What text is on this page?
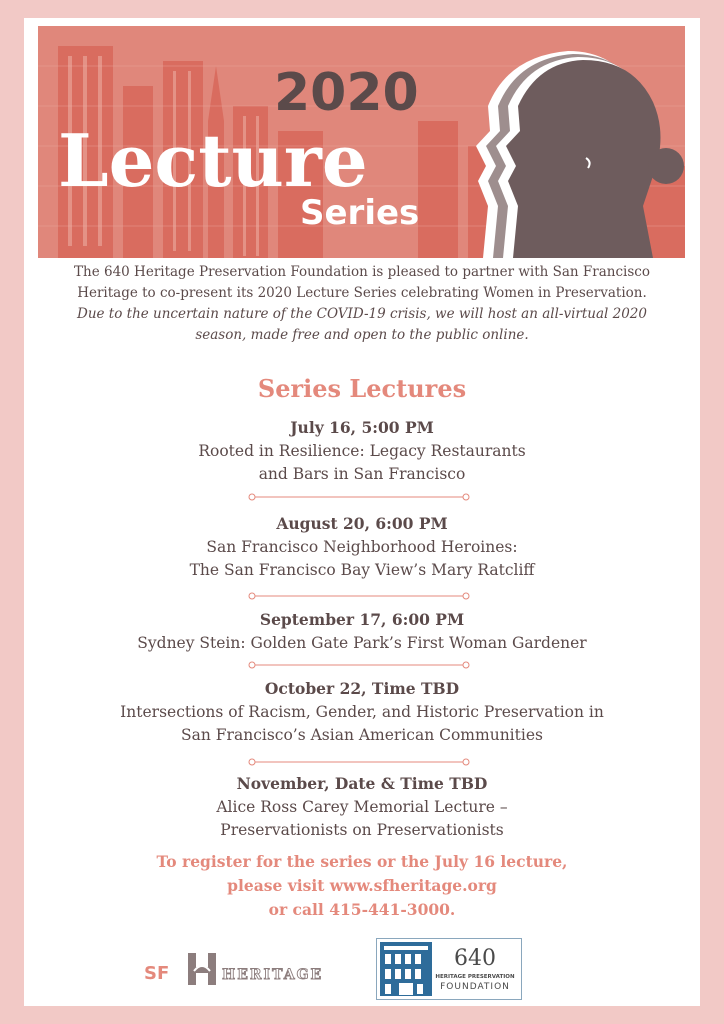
2020
Lecture
Series
The 640 Heritage Preservation Foundation is pleased to partner with San Francisco
Heritage to co-present its 2020 Lecture Series celebrating Women in Preservation.
Due to the uncertain nature of the COVID-19 crisis, we will host an all-virtual 2020
season, made free and open to the public online.
Series Lectures
July 16, 5:00 PM
Rooted in Resilience: Legacy Restaurants
and Bars in San Francisco
August 20, 6:00 PM
San Francisco Neighborhood Heroines:
The San Francisco Bay View’s Mary Ratcliff
September 17, 6:00 PM
Sydney Stein: Golden Gate Park’s First Woman Gardener
October 22, Time TBD
Intersections of Racism, Gender, and Historic Preservation in
San Francisco’s Asian American Communities
November, Date & Time TBD
Alice Ross Carey Memorial Lecture –
Preservationists on Preservationists
To register for the series or the July 16 lecture,
please visit www.sfheritage.org
or call 415-441-3000.
SF	HERITAGE
640
HERITAGE PRESERVATION
FOUNDATION
